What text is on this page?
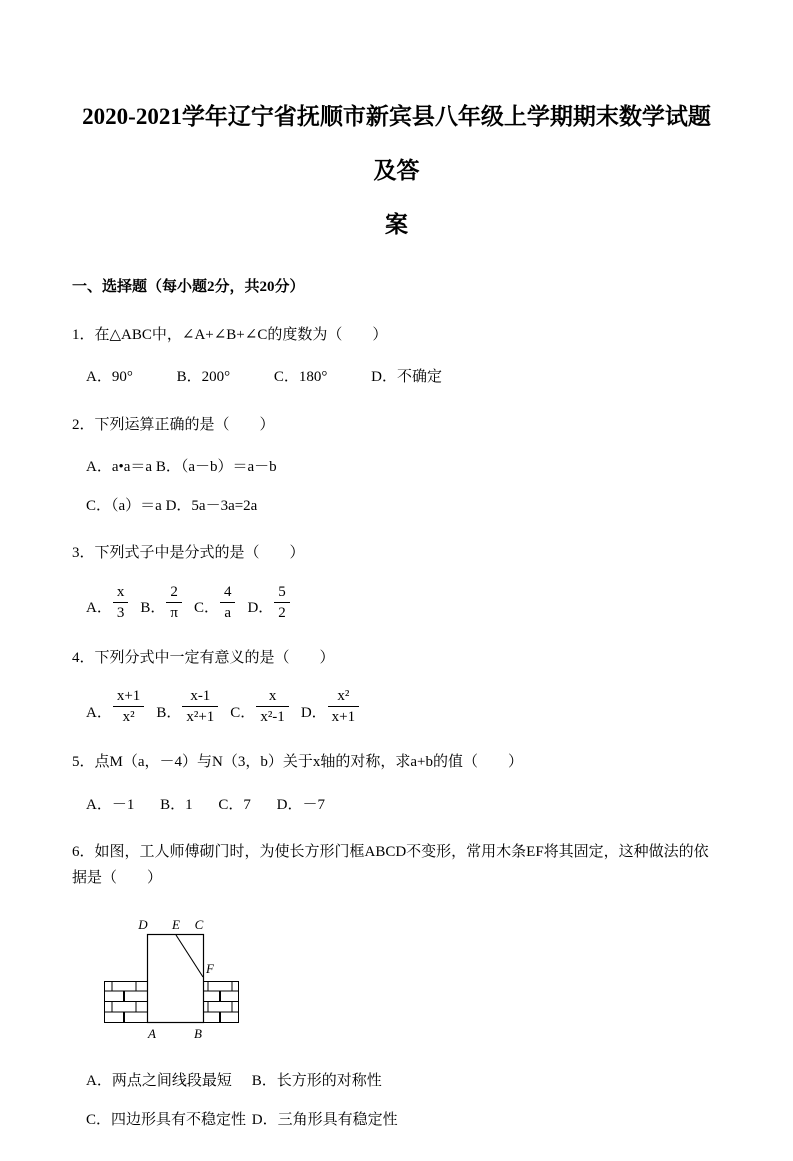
2020-2021学年辽宁省抚顺市新宾县八年级上学期期末数学试题及答
案
一、选择题（每小题2分，共20分）

1．在△ABC中，∠A+∠B+∠C的度数为（　　）

A．90°	B．200°	C．180°	D．不确定

2．下列运算正确的是（　　）

A．a•a＝a B．（a－b）＝a－b
C．（a）＝a D．5a－3a=2a

3．下列式子中是分式的是（　　）

A． $\frac{x}{3}$ B． $\frac{2}{\pi}$ C． $\frac{4}{a}$ D． $\frac{5}{2}$

4．下列分式中一定有意义的是（　　）

A． $\frac{x+1}{\text{x²}}$ B． $\frac{x-1}{\text{x²+1}}$ C． $\frac{x}{\text{x²-1}}$ D． $\frac{\text{x²}}{x+1}$

5．点M（a，－4）与N（3，b）关于x轴的对称，求a+b的值（　　）

A．－1 B．1 C．7 D．－7

6．如图，工人师傅砌门时，为使长方形门框ABCD不变形，常用木条EF将其固定，这种做法的依据是（　　）

D E C
F
A	B
A．两点之间线段最短 B．长方形的对称性
C．四边形具有不稳定性 D．三角形具有稳定性
